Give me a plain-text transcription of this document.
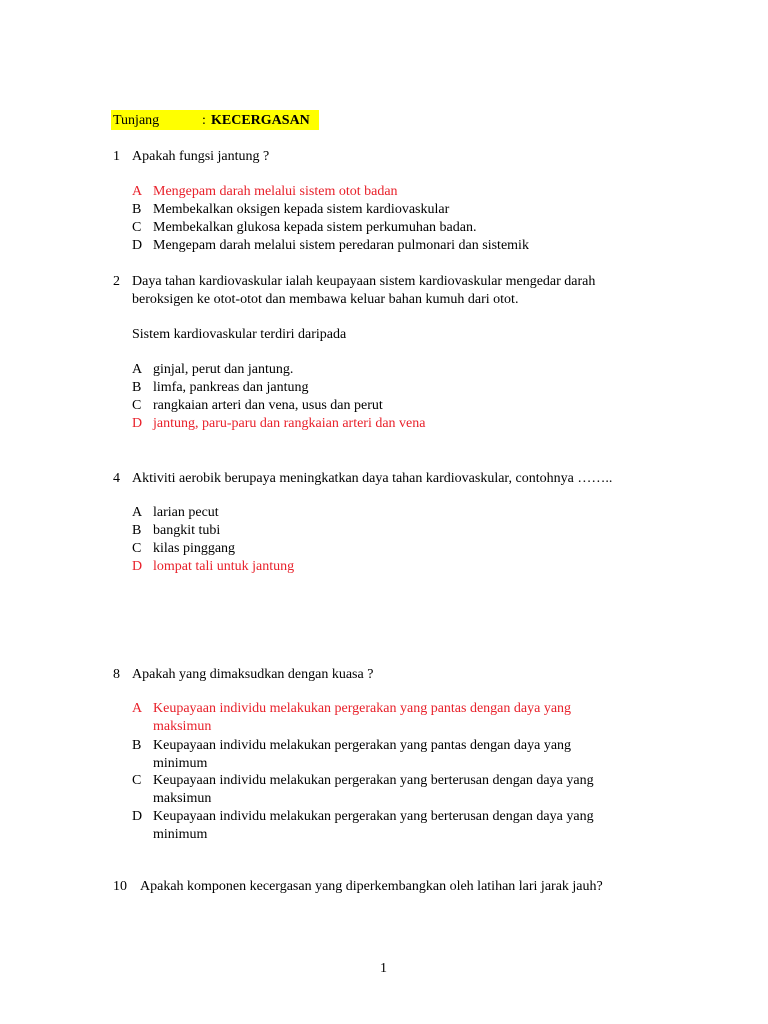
Tunjang	: KECERGASAN
1 Apakah fungsi jantung ?
A Mengepam darah melalui sistem otot badan
B Membekalkan oksigen kepada sistem kardiovaskular
C Membekalkan glukosa kepada sistem perkumuhan badan.
D Mengepam darah melalui sistem peredaran pulmonari dan sistemik
2 Daya tahan kardiovaskular ialah keupayaan sistem kardiovaskular mengedar darah
beroksigen ke otot-otot dan membawa keluar bahan kumuh dari otot.
Sistem kardiovaskular terdiri daripada
A ginjal, perut dan jantung.
B limfa, pankreas dan jantung
C rangkaian arteri dan vena, usus dan perut
D jantung, paru-paru dan rangkaian arteri dan vena
4 Aktiviti aerobik berupaya meningkatkan daya tahan kardiovaskular, contohnya ……..
A larian pecut
B bangkit tubi
C kilas pinggang
D lompat tali untuk jantung
8 Apakah yang dimaksudkan dengan kuasa ?
A Keupayaan individu melakukan pergerakan yang pantas dengan daya yang
maksimun
B Keupayaan individu melakukan pergerakan yang pantas dengan daya yang
minimum
C Keupayaan individu melakukan pergerakan yang berterusan dengan daya yang
maksimun
D Keupayaan individu melakukan pergerakan yang berterusan dengan daya yang
minimum
10 Apakah komponen kecergasan yang diperkembangkan oleh latihan lari jarak jauh?
1
